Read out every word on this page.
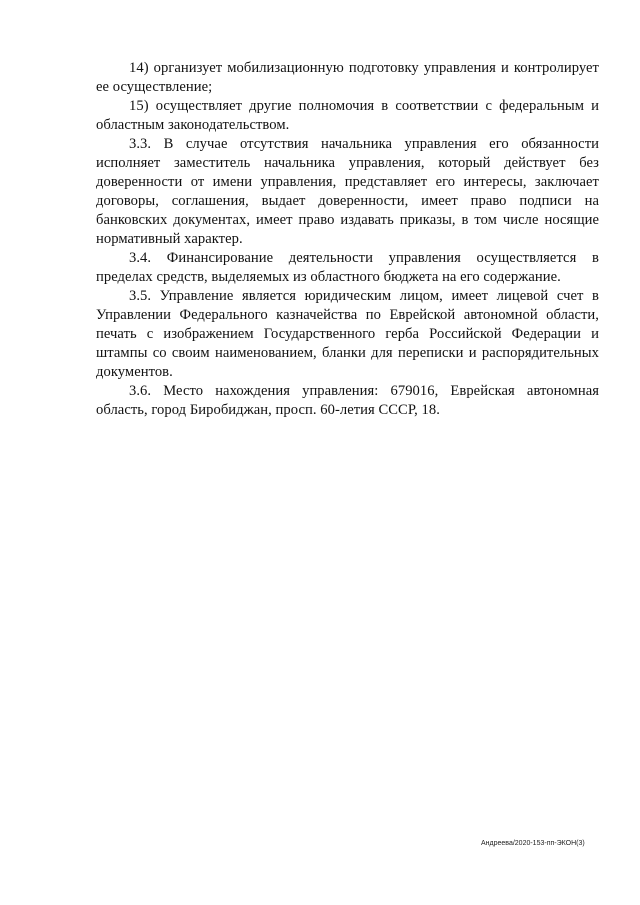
14) организует мобилизационную подготовку управления и контролирует ее осуществление;

15) осуществляет другие полномочия в соответствии с федеральным и областным законодательством.

3.3. В случае отсутствия начальника управления его обязанности исполняет заместитель начальника управления, который действует без доверенности от имени управления, представляет его интересы, заключает договоры, соглашения, выдает доверенности, имеет право подписи на банковских документах, имеет право издавать приказы, в том числе носящие нормативный характер.

3.4. Финансирование деятельности управления осуществляется в пределах средств, выделяемых из областного бюджета на его содержание.

3.5. Управление является юридическим лицом, имеет лицевой счет в Управлении Федерального казначейства по Еврейской автономной области, печать с изображением Государственного герба Российской Федерации и штампы со своим наименованием, бланки для переписки и распорядительных документов.

3.6. Место нахождения управления: 679016, Еврейская автономная область, город Биробиджан, просп. 60-летия СССР, 18.

Андреева/2020-153-пп-ЭКОН(3)
